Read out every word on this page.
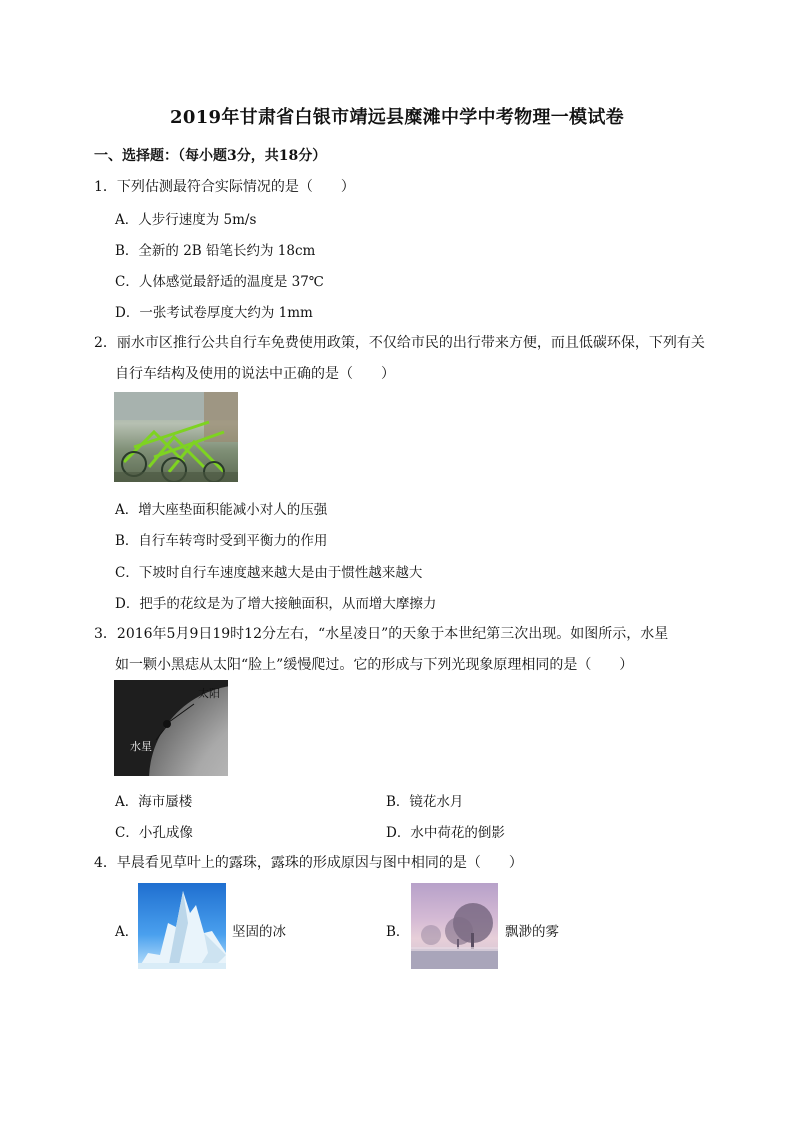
2019年甘肃省白银市靖远县糜滩中学中考物理一模试卷
一、选择题：（每小题3分，共18分）
1．下列估测最符合实际情况的是（　　）
A．人步行速度为 5m/s
B．全新的 2B 铅笔长约为 18cm
C．人体感觉最舒适的温度是 37℃
D．一张考试卷厚度大约为 1mm
2．丽水市区推行公共自行车免费使用政策，不仅给市民的出行带来方便，而且低碳环保，下列有关
自行车结构及使用的说法中正确的是（　　）
A．增大座垫面积能减小对人的压强
B．自行车转弯时受到平衡力的作用
C．下坡时自行车速度越来越大是由于惯性越来越大
D．把手的花纹是为了增大接触面积，从而增大摩擦力
3．2016年5月9日19时12分左右，“水星凌日”的天象于本世纪第三次出现。如图所示，水星
如一颗小黑痣从太阳“脸上”缓慢爬过。它的形成与下列光现象原理相同的是（　　）
太阳
水星
A．海市蜃楼	B．镜花水月
C．小孔成像	D．水中荷花的倒影
4．早晨看见草叶上的露珠，露珠的形成原因与图中相同的是（　　）
A．	坚固的冰	B．	飘渺的雾
